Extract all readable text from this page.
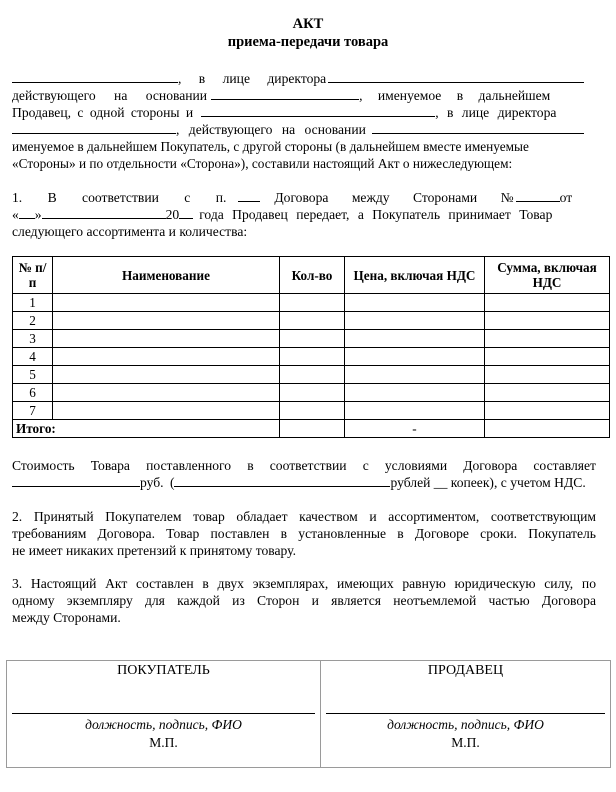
АКТ
приема-передачи товара
, в лице директора
действующего на основании	, именуемое в дальнейшем
Продавец, с одной стороны и	, в лице директора
, действующего на основании
именуемое в дальнейшем Покупатель, с другой стороны (в дальнейшем вместе именуемые
«Стороны» и по отдельности «Сторона»), составили настоящий Акт о нижеследующем:
1. В соответствии с п.	Договора между Сторонами №	от
« »	20 года Продавец передает, а Покупатель принимает Товар
следующего ассортимента и количества:
№ п/п	Наименование	Кол-во	Цена, включая НДС	Сумма, включая НДС
1				
2				
3				
4				
5				
6				
7				
Итого:			-	
Стоимость Товара поставленного в соответствии с условиями Договора составляет
руб. (	рублей __ копеек), с учетом НДС.
2. Принятый Покупателем товар обладает качеством и ассортиментом, соответствующим
требованиям Договора. Товар поставлен в установленные в Договоре сроки. Покупатель
не имеет никаких претензий к принятому товару.
3. Настоящий Акт составлен в двух экземплярах, имеющих равную юридическую силу, по
одному экземпляру для каждой из Сторон и является неотъемлемой частью Договора
между Сторонами.
ПОКУПАТЕЛЬ
должность, подпись, ФИО
М.П.
ПРОДАВЕЦ
должность, подпись, ФИО
М.П.
